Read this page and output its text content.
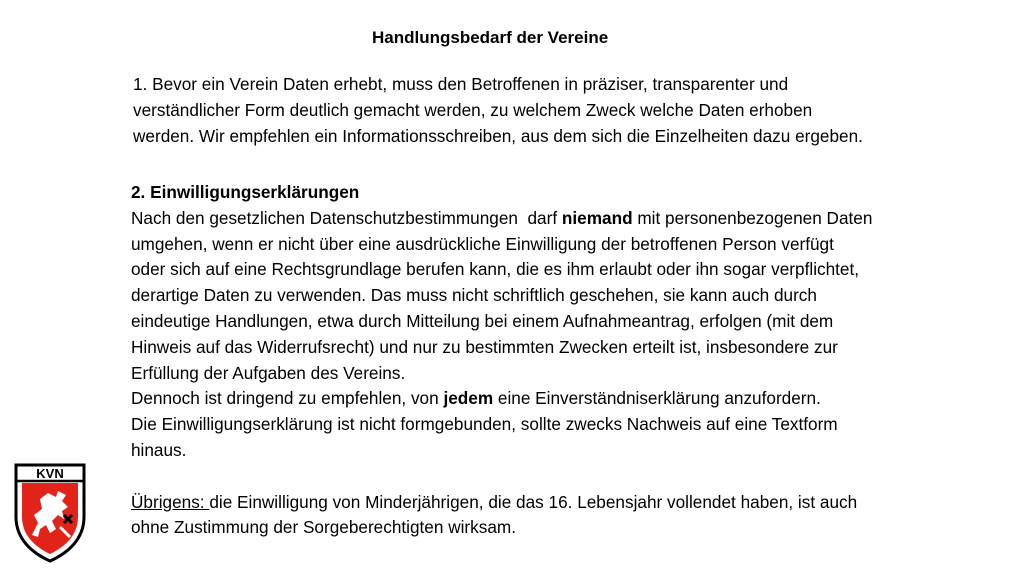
Handlungsbedarf der Vereine
1. Bevor ein Verein Daten erhebt, muss den Betroffenen in präziser, transparenter und
verständlicher Form deutlich gemacht werden, zu welchem Zweck welche Daten erhoben
werden. Wir empfehlen ein Informationsschreiben, aus dem sich die Einzelheiten dazu ergeben.
2. Einwilligungserklärungen
Nach den gesetzlichen Datenschutzbestimmungen  darf niemand mit personenbezogenen Daten
umgehen, wenn er nicht über eine ausdrückliche Einwilligung der betroffenen Person verfügt
oder sich auf eine Rechtsgrundlage berufen kann, die es ihm erlaubt oder ihn sogar verpflichtet,
derartige Daten zu verwenden. Das muss nicht schriftlich geschehen, sie kann auch durch
eindeutige Handlungen, etwa durch Mitteilung bei einem Aufnahmeantrag, erfolgen (mit dem
Hinweis auf das Widerrufsrecht) und nur zu bestimmten Zwecken erteilt ist, insbesondere zur
Erfüllung der Aufgaben des Vereins.
Dennoch ist dringend zu empfehlen, von jedem eine Einverständniserklärung anzufordern.
Die Einwilligungserklärung ist nicht formgebunden, sollte zwecks Nachweis auf eine Textform
hinaus.
Übrigens: die Einwilligung von Minderjährigen, die das 16. Lebensjahr vollendet haben, ist auch
ohne Zustimmung der Sorgeberechtigten wirksam.
KVN
